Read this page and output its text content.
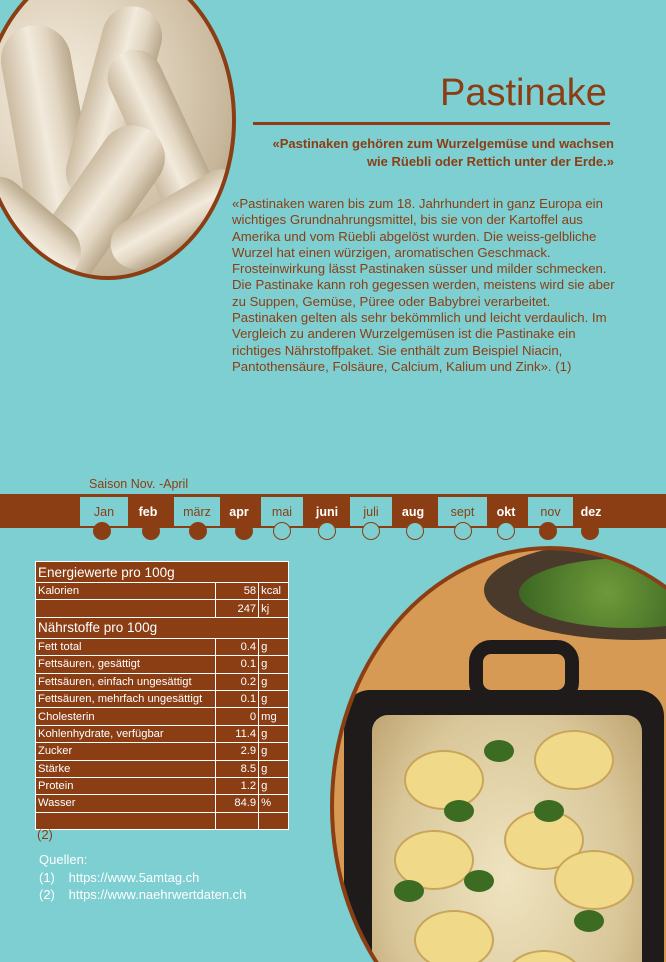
Pastinake
«Pastinaken gehören zum Wurzelgemüse und wachsen wie Rüebli oder Rettich unter der Erde.»

«Pastinaken waren bis zum 18. Jahrhundert in ganz Europa ein wichtiges Grundnahrungsmittel, bis sie von der Kartoffel aus Amerika und vom Rüebli abgelöst wurden. Die weiss-gelbliche Wurzel hat einen würzigen, aromatischen Geschmack. Frosteinwirkung lässt Pastinaken süsser und milder schmecken.

Die Pastinake kann roh gegessen werden, meistens wird sie aber zu Suppen, Gemüse, Püree oder Babybrei verarbeitet. Pastinaken gelten als sehr bekömmlich und leicht verdaulich. Im Vergleich zu anderen Wurzelgemüsen ist die Pastinake ein richtiges Nährstoffpaket. Sie enthält zum Beispiel Niacin, Pantothensäure, Folsäure, Calcium, Kalium und Zink». (1)

Saison Nov. -April
Jan	feb	märz	apr	mai	juni	juli	aug	sept	okt	nov	dez
Energiewerte pro 100g		
Kalorien	58	kcal
	247	kj
Nährstoffe pro 100g		
Fett total	0.4	g
Fettsäuren, gesättigt	0.1	g
Fettsäuren, einfach ungesättigt	0.2	g
Fettsäuren, mehrfach ungesättigt	0.1	g
Cholesterin	0	mg
Kohlenhydrate, verfügbar	11.4	g
Zucker	2.9	g
Stärke	8.5	g
Protein	1.2	g
Wasser	84.9	%

(2)
Quellen:
(1) https://www.5amtag.ch
(2) https://www.naehrwertdaten.ch
